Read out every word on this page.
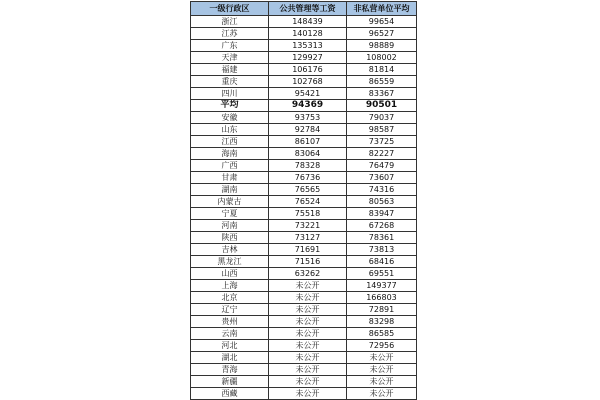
一级行政区	公共管理等工资	非私营单位平均
浙江	148439	99654
江苏	140128	96527
广东	135313	98889
天津	129927	108002
福建	106176	81814
重庆	102768	86559
四川	95421	83367
平均	94369	90501
安徽	93753	79037
山东	92784	98587
江西	86107	73725
海南	83064	82227
广西	78328	76479
甘肃	76736	73607
湖南	76565	74316
内蒙古	76524	80563
宁夏	75518	83947
河南	73221	67268
陕西	73127	78361
吉林	71691	73813
黑龙江	71516	68416
山西	63262	69551
上海	未公开	149377
北京	未公开	166803
辽宁	未公开	72891
贵州	未公开	83298
云南	未公开	86585
河北	未公开	72956
湖北	未公开	未公开
青海	未公开	未公开
新疆	未公开	未公开
西藏	未公开	未公开
